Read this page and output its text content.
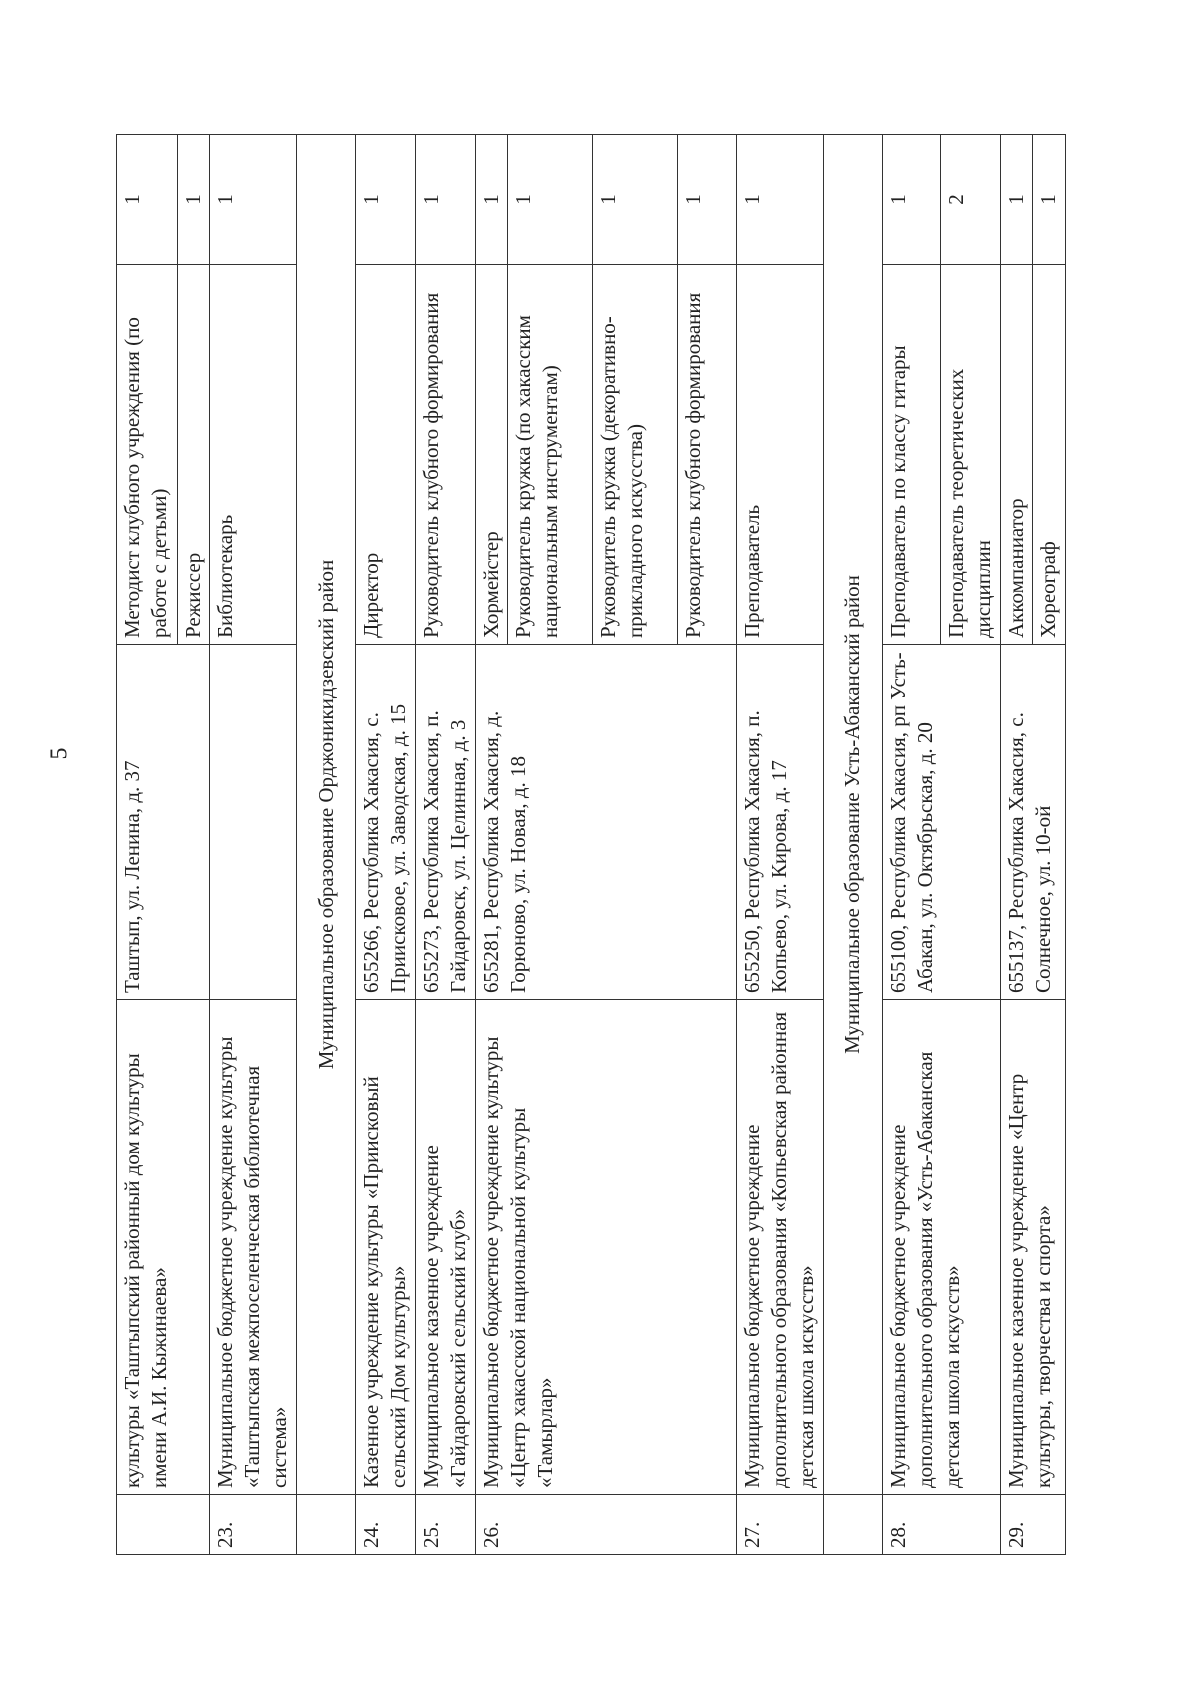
5
	культуры «Таштыпский районный дом культуры имени А.И. Кыжинаева»	Таштып, ул. Ленина, д. 37	Методист клубного учреждения (по работе с детьми)	1
			Режиссер	1
23.	Муниципальное бюджетное учреждение культуры «Таштыпская межпоселенческая библиотечная система»		Библиотекарь	1
	Муниципальное образование Орджоникидзевский район			
24.	Казенное учреждение культуры «Приисковый сельский Дом культуры»	655266, Республика Хакасия, с. Приисковое, ул. Заводская, д. 15	Директор	1
25.	Муниципальное казенное учреждение «Гайдаровский сельский клуб»	655273, Республика Хакасия, п. Гайдаровск, ул. Целинная, д. 3	Руководитель клубного формирования	1
26.	Муниципальное бюджетное учреждение культуры «Центр хакасской национальной культуры «Тамырлар»	655281, Республика Хакасия, д. Горюново, ул. Новая, д. 18	Хормейстер	1
			Руководитель кружка (по хакасским национальным инструментам)	1
			Руководитель кружка (декоративно-прикладного искусства)	1
			Руководитель клубного формирования	1
27.	Муниципальное бюджетное учреждение дополнительного образования «Копьевская районная детская школа искусств»	655250, Республика Хакасия, п. Копьево, ул. Кирова, д. 17	Преподаватель	1
	Муниципальное образование Усть-Абаканский район			
28.	Муниципальное бюджетное учреждение дополнительного образования «Усть-Абаканская детская школа искусств»	655100, Республика Хакасия, рп Усть-Абакан, ул. Октябрьская, д. 20	Преподаватель по классу гитары	1
			Преподаватель теоретических дисциплин	2
29.	Муниципальное казенное учреждение «Центр культуры, творчества и спорта»	655137, Республика Хакасия, с. Солнечное, ул. 10-ой	Аккомпаниатор	1
			Хореограф	1
